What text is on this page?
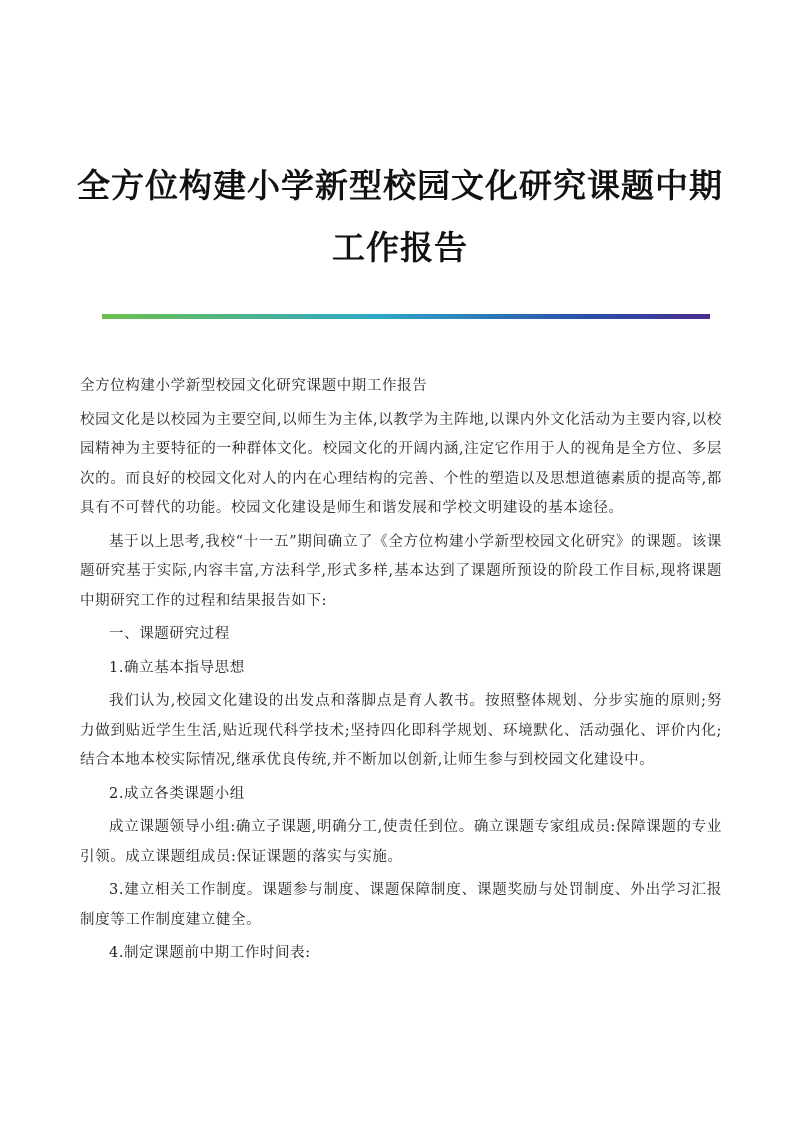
全方位构建小学新型校园文化研究课题中期
工作报告

全方位构建小学新型校园文化研究课题中期工作报告

校园文化是以校园为主要空间,以师生为主体,以教学为主阵地,以课内外文化活动为主要内容,以校园精神为主要特征的一种群体文化。校园文化的开阔内涵,注定它作用于人的视角是全方位、多层次的。而良好的校园文化对人的内在心理结构的完善、个性的塑造以及思想道德素质的提高等,都具有不可替代的功能。校园文化建设是师生和谐发展和学校文明建设的基本途径。

基于以上思考,我校“十一五”期间确立了《全方位构建小学新型校园文化研究》的课题。该课题研究基于实际,内容丰富,方法科学,形式多样,基本达到了课题所预设的阶段工作目标,现将课题中期研究工作的过程和结果报告如下:

一、课题研究过程

1.确立基本指导思想

我们认为,校园文化建设的出发点和落脚点是育人教书。按照整体规划、分步实施的原则;努力做到贴近学生生活,贴近现代科学技术;坚持四化即科学规划、环境默化、活动强化、评价内化;结合本地本校实际情况,继承优良传统,并不断加以创新,让师生参与到校园文化建设中。

2.成立各类课题小组

成立课题领导小组:确立子课题,明确分工,使责任到位。确立课题专家组成员:保障课题的专业引领。成立课题组成员:保证课题的落实与实施。

3.建立相关工作制度。课题参与制度、课题保障制度、课题奖励与处罚制度、外出学习汇报制度等工作制度建立健全。

4.制定课题前中期工作时间表:
